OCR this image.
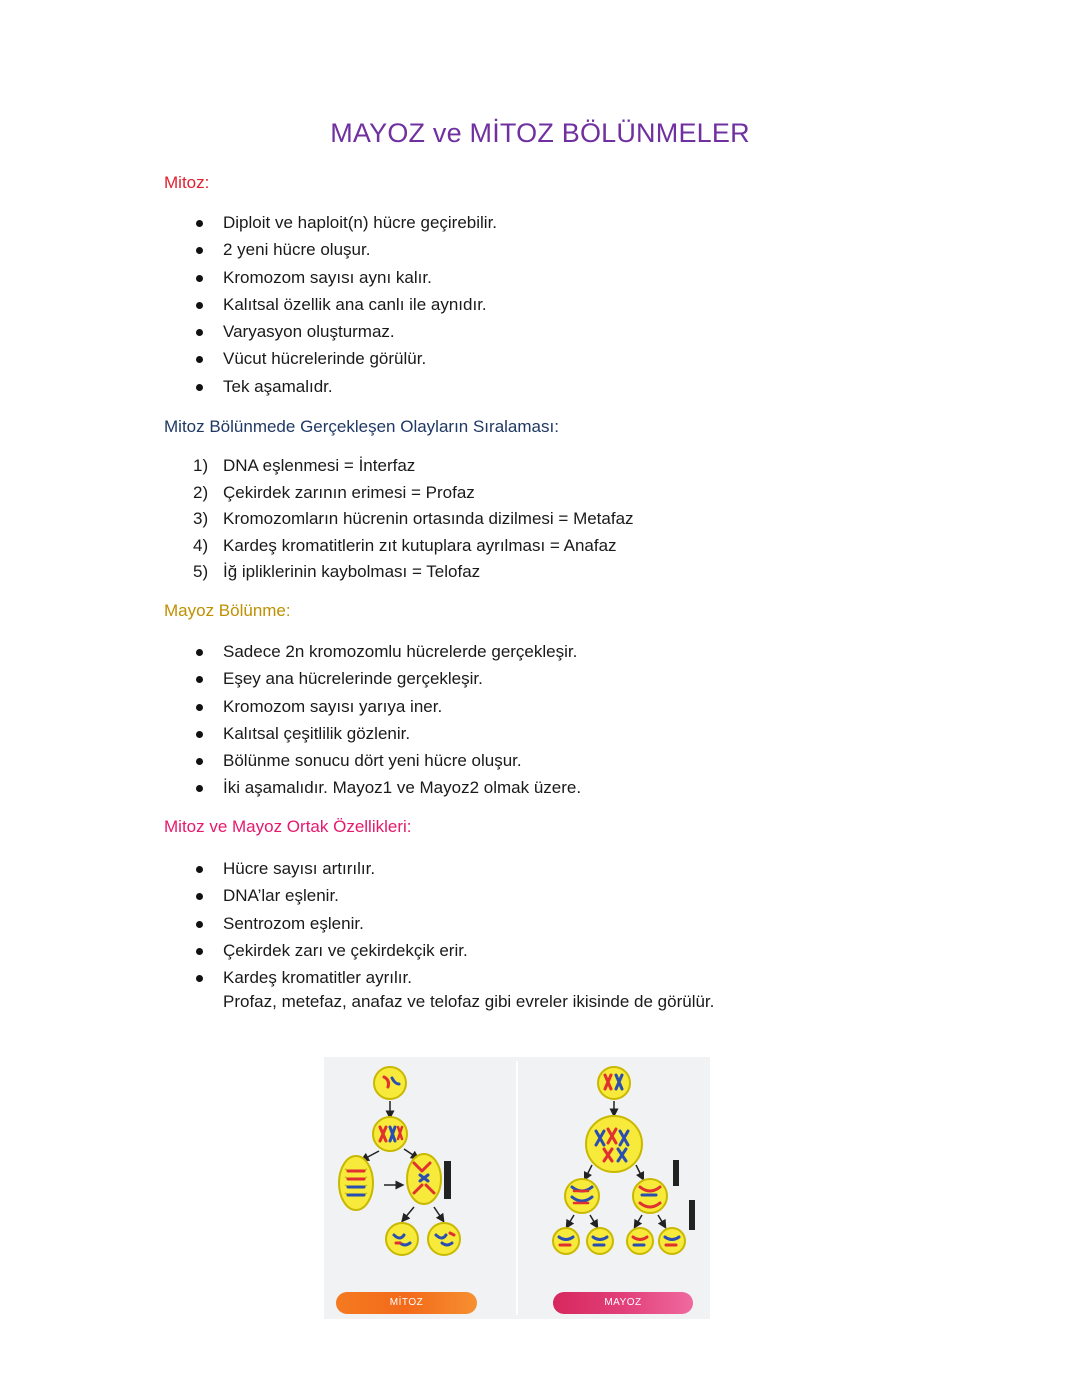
MAYOZ ve MİTOZ BÖLÜNMELER
Mitoz:
Diploit ve haploit(n) hücre geçirebilir.
2 yeni hücre oluşur.
Kromozom sayısı aynı kalır.
Kalıtsal özellik ana canlı ile aynıdır.
Varyasyon oluşturmaz.
Vücut hücrelerinde görülür.
Tek aşamalıdr.
Mitoz Bölünmede Gerçekleşen Olayların Sıralaması:
1) DNA eşlenmesi = İnterfaz
2) Çekirdek zarının erimesi = Profaz
3) Kromozomların hücrenin ortasında dizilmesi = Metafaz
4) Kardeş kromatitlerin zıt kutuplara ayrılması = Anafaz
5) İğ ipliklerinin kaybolması = Telofaz
Mayoz Bölünme:
Sadece 2n kromozomlu hücrelerde gerçekleşir.
Eşey ana hücrelerinde gerçekleşir.
Kromozom sayısı yarıya iner.
Kalıtsal çeşitlilik gözlenir.
Bölünme sonucu dört yeni hücre oluşur.
İki aşamalıdır. Mayoz1 ve Mayoz2 olmak üzere.
Mitoz ve Mayoz Ortak Özellikleri:
Hücre sayısı artırılır.
DNA’lar eşlenir.
Sentrozom eşlenir.
Çekirdek zarı ve çekirdekçik erir.
Kardeş kromatitler ayrılır.
Profaz, metefaz, anafaz ve telofaz gibi evreler ikisinde de görülür.
MİTOZ	MAYOZ
